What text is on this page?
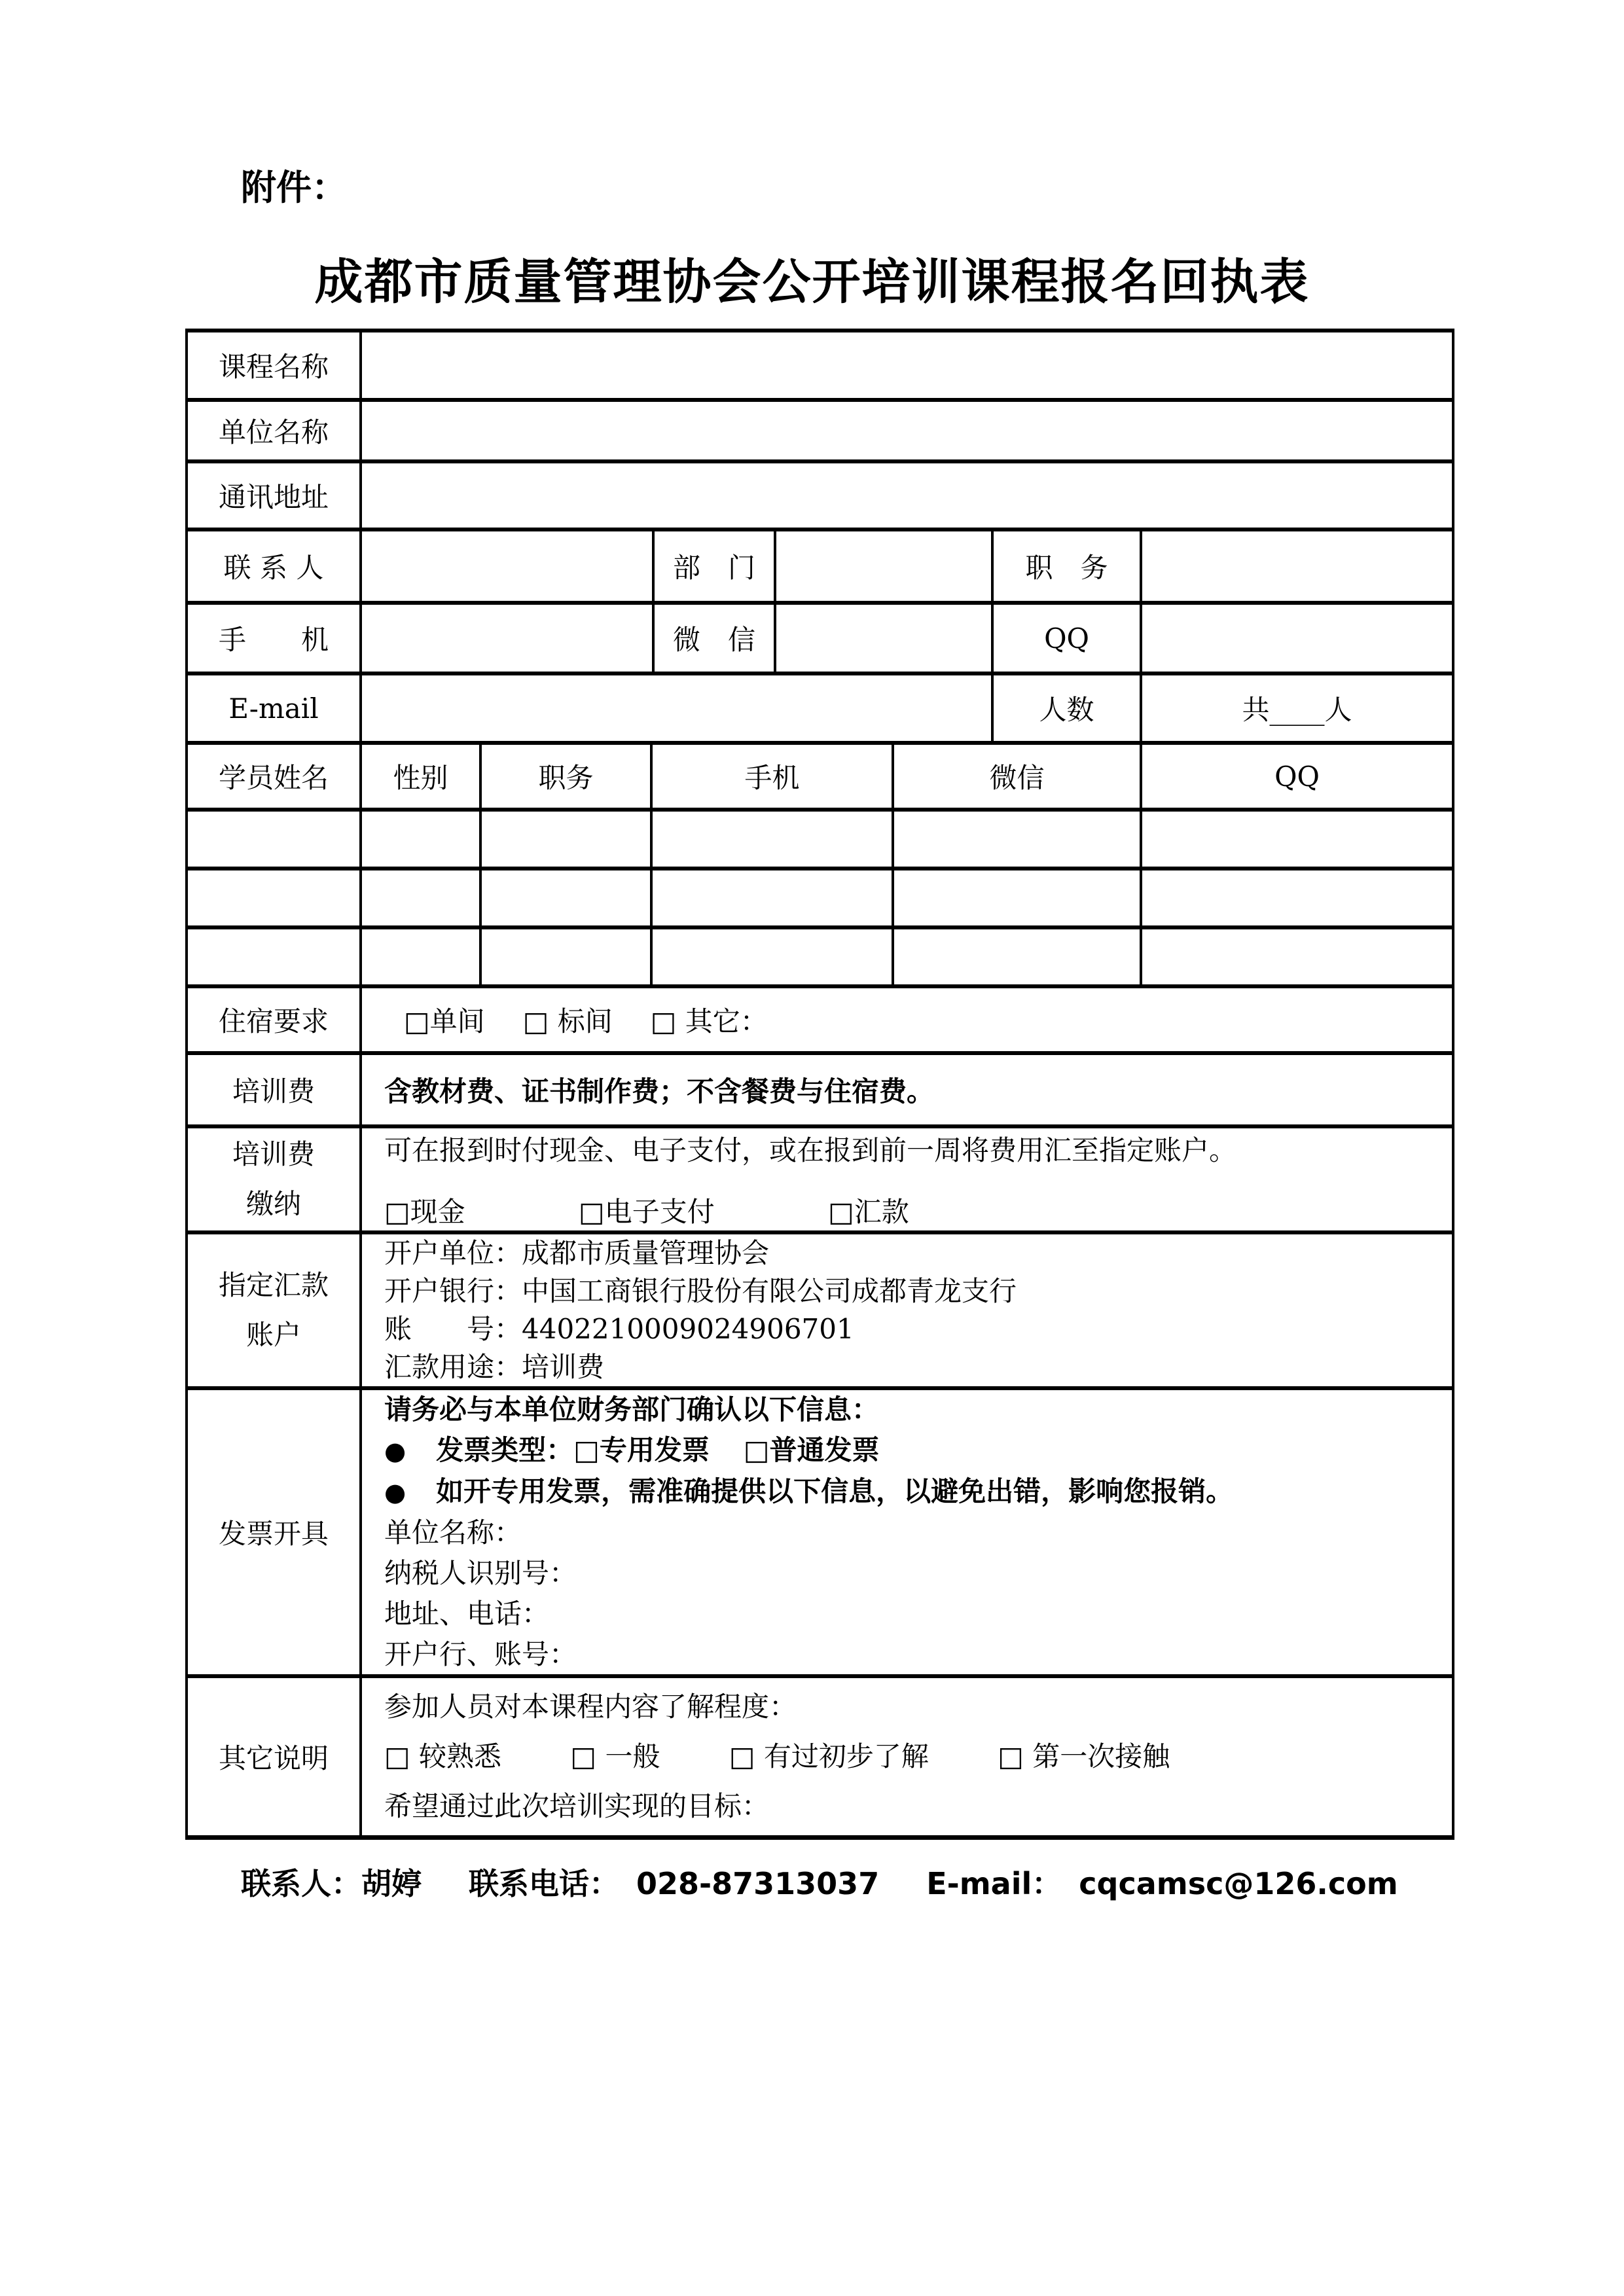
附件：
成都市质量管理协会公开培训课程报名回执表
课程名称
单位名称
通讯地址
联 系 人	部　门	职　务
手　　机	微　信	QQ
E-mail	人数	共____人
学员姓名	性别	职务	手机	微信	QQ
住宿要求	□单间 □ 标间 □ 其它：
培训费	含教材费、证书制作费；不含餐费与住宿费。
培训费
缴纳
可在报到时付现金、电子支付，或在报到前一周将费用汇至指定账户。
□现金	□电子支付	□汇款
指定汇款
账户
开户单位：成都市质量管理协会
开户银行：中国工商银行股份有限公司成都青龙支行
账　　号：4402210009024906701
汇款用途：培训费
发票开具
请务必与本单位财务部门确认以下信息：
● 发票类型：□专用发票 □普通发票
● 如开专用发票，需准确提供以下信息，以避免出错，影响您报销。
单位名称：
纳税人识别号：
地址、电话：
开户行、账号：
其它说明
参加人员对本课程内容了解程度：
□ 较熟悉	□ 一般	□ 有过初步了解	□ 第一次接触
希望通过此次培训实现的目标：
联系人：胡婷 联系电话： 028-87313037 E-mail： cqcamsc@126.com
